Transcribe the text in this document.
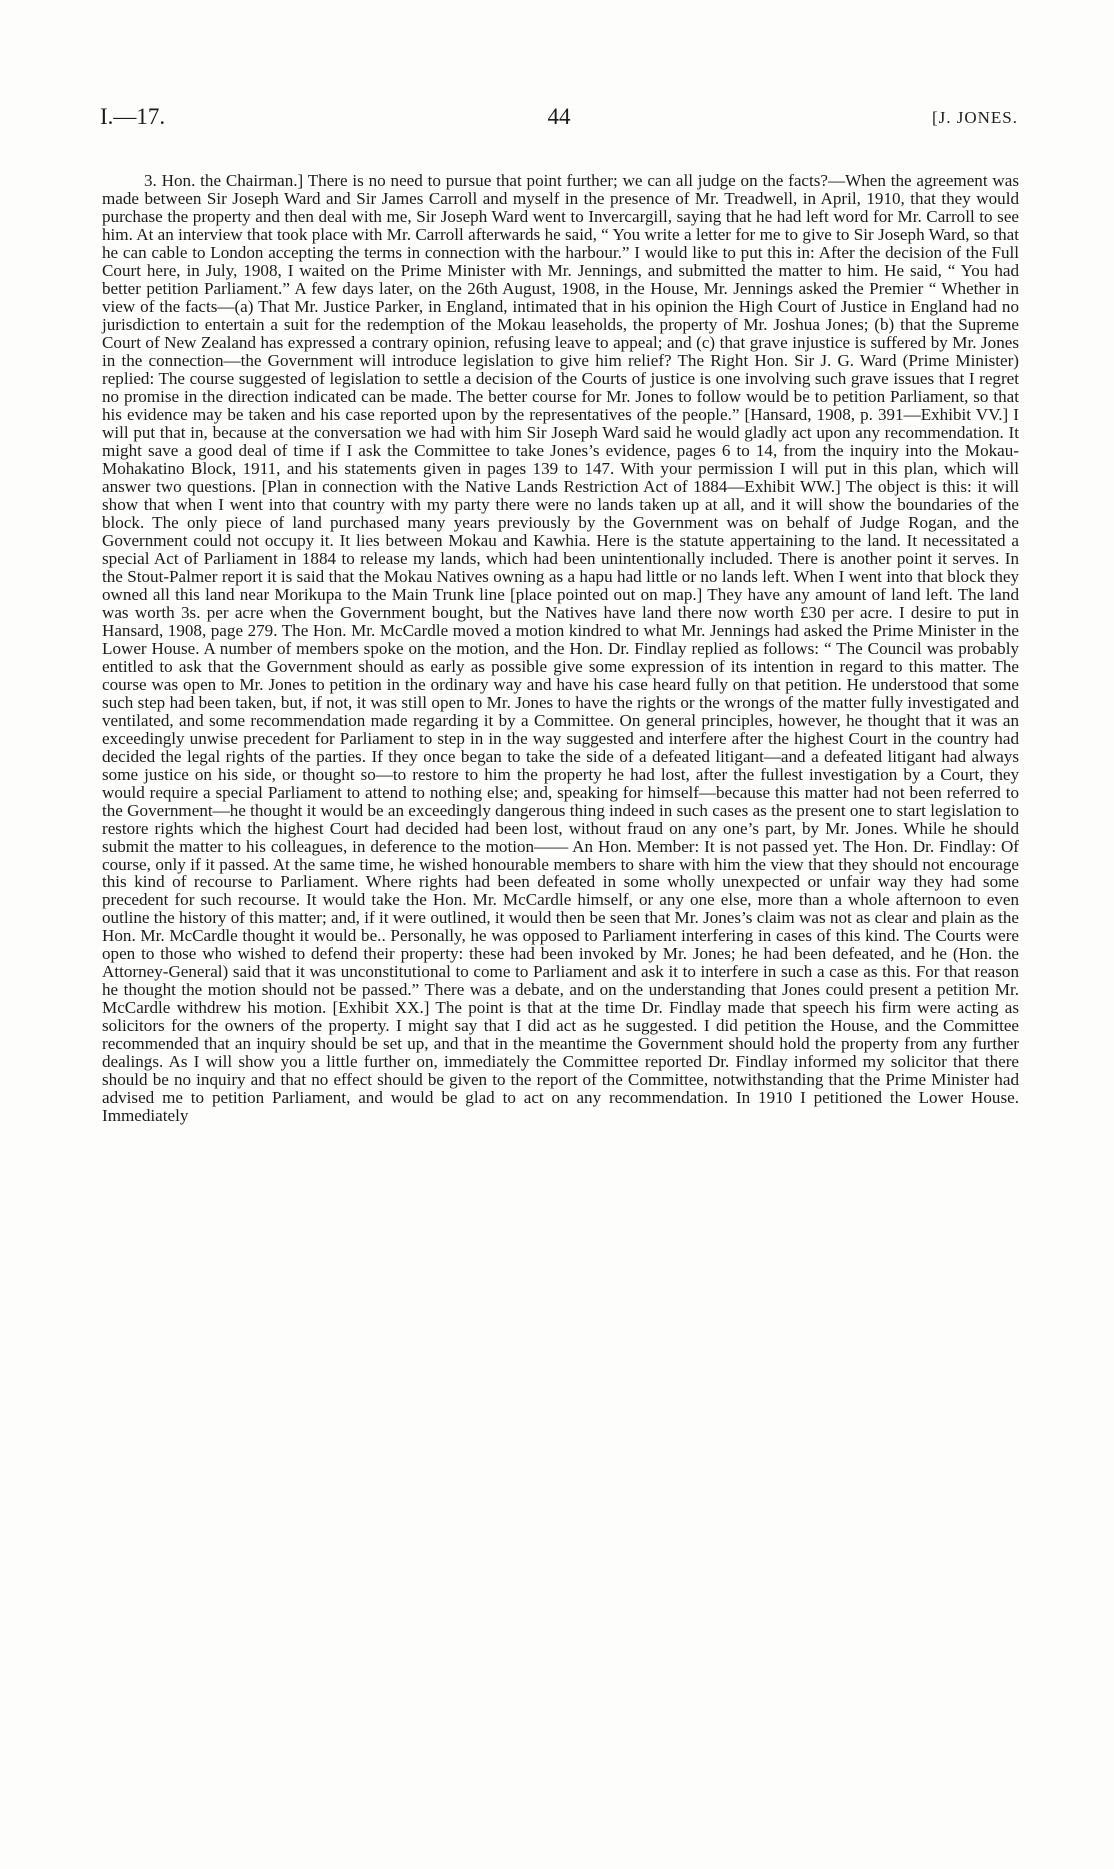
I.—17.	44	[J. JONES.

3. Hon. the Chairman.] There is no need to pursue that point further; we can all judge on the facts?—When the agreement was made between Sir Joseph Ward and Sir James Carroll and myself in the presence of Mr. Treadwell, in April, 1910, that they would purchase the property and then deal with me, Sir Joseph Ward went to Invercargill, saying that he had left word for Mr. Carroll to see him. At an interview that took place with Mr. Carroll afterwards he said, “ You write a letter for me to give to Sir Joseph Ward, so that he can cable to London accepting the terms in connection with the harbour.” I would like to put this in: After the decision of the Full Court here, in July, 1908, I waited on the Prime Minister with Mr. Jennings, and submitted the matter to him. He said, “ You had better petition Parliament.” A few days later, on the 26th August, 1908, in the House, Mr. Jennings asked the Premier “ Whether in view of the facts—(a) That Mr. Justice Parker, in England, intimated that in his opinion the High Court of Justice in England had no jurisdiction to entertain a suit for the redemption of the Mokau leaseholds, the property of Mr. Joshua Jones; (b) that the Supreme Court of New Zealand has expressed a contrary opinion, refusing leave to appeal; and (c) that grave injustice is suffered by Mr. Jones in the connection—the Government will introduce legislation to give him relief? The Right Hon. Sir J. G. Ward (Prime Minister) replied: The course suggested of legislation to settle a decision of the Courts of justice is one involving such grave issues that I regret no promise in the direction indicated can be made. The better course for Mr. Jones to follow would be to petition Parliament, so that his evidence may be taken and his case reported upon by the representatives of the people.” [Hansard, 1908, p. 391—Exhibit VV.] I will put that in, because at the conversation we had with him Sir Joseph Ward said he would gladly act upon any recommendation. It might save a good deal of time if I ask the Committee to take Jones’s evidence, pages 6 to 14, from the inquiry into the Mokau-Mohakatino Block, 1911, and his statements given in pages 139 to 147. With your permission I will put in this plan, which will answer two questions. [Plan in connection with the Native Lands Restriction Act of 1884—Exhibit WW.] The object is this: it will show that when I went into that country with my party there were no lands taken up at all, and it will show the boundaries of the block. The only piece of land purchased many years previously by the Government was on behalf of Judge Rogan, and the Government could not occupy it. It lies between Mokau and Kawhia. Here is the statute appertaining to the land. It necessitated a special Act of Parliament in 1884 to release my lands, which had been unintentionally included. There is another point it serves. In the Stout-Palmer report it is said that the Mokau Natives owning as a hapu had little or no lands left. When I went into that block they owned all this land near Morikupa to the Main Trunk line [place pointed out on map.] They have any amount of land left. The land was worth 3s. per acre when the Government bought, but the Natives have land there now worth £30 per acre. I desire to put in Hansard, 1908, page 279. The Hon. Mr. McCardle moved a motion kindred to what Mr. Jennings had asked the Prime Minister in the Lower House. A number of members spoke on the motion, and the Hon. Dr. Findlay replied as follows: “ The Council was probably entitled to ask that the Government should as early as possible give some expression of its intention in regard to this matter. The course was open to Mr. Jones to petition in the ordinary way and have his case heard fully on that petition. He understood that some such step had been taken, but, if not, it was still open to Mr. Jones to have the rights or the wrongs of the matter fully investigated and ventilated, and some recommendation made regarding it by a Committee. On general principles, however, he thought that it was an exceedingly unwise precedent for Parliament to step in in the way suggested and interfere after the highest Court in the country had decided the legal rights of the parties. If they once began to take the side of a defeated litigant—and a defeated litigant had always some justice on his side, or thought so—to restore to him the property he had lost, after the fullest investigation by a Court, they would require a special Parliament to attend to nothing else; and, speaking for himself—because this matter had not been referred to the Government—he thought it would be an exceedingly dangerous thing indeed in such cases as the present one to start legislation to restore rights which the highest Court had decided had been lost, without fraud on any one’s part, by Mr. Jones. While he should submit the matter to his colleagues, in deference to the motion—— An Hon. Member: It is not passed yet. The Hon. Dr. Findlay: Of course, only if it passed. At the same time, he wished honourable members to share with him the view that they should not encourage this kind of recourse to Parliament. Where rights had been defeated in some wholly unexpected or unfair way they had some precedent for such recourse. It would take the Hon. Mr. McCardle himself, or any one else, more than a whole afternoon to even outline the history of this matter; and, if it were outlined, it would then be seen that Mr. Jones’s claim was not as clear and plain as the Hon. Mr. McCardle thought it would be.. Personally, he was opposed to Parliament interfering in cases of this kind. The Courts were open to those who wished to defend their property: these had been invoked by Mr. Jones; he had been defeated, and he (Hon. the Attorney-General) said that it was unconstitutional to come to Parliament and ask it to interfere in such a case as this. For that reason he thought the motion should not be passed.” There was a debate, and on the understanding that Jones could present a petition Mr. McCardle withdrew his motion. [Exhibit XX.] The point is that at the time Dr. Findlay made that speech his firm were acting as solicitors for the owners of the property. I might say that I did act as he suggested. I did petition the House, and the Committee recommended that an inquiry should be set up, and that in the meantime the Government should hold the property from any further dealings. As I will show you a little further on, immediately the Committee reported Dr. Findlay informed my solicitor that there should be no inquiry and that no effect should be given to the report of the Committee, notwithstanding that the Prime Minister had advised me to petition Parliament, and would be glad to act on any recommendation. In 1910 I petitioned the Lower House. Immediately
